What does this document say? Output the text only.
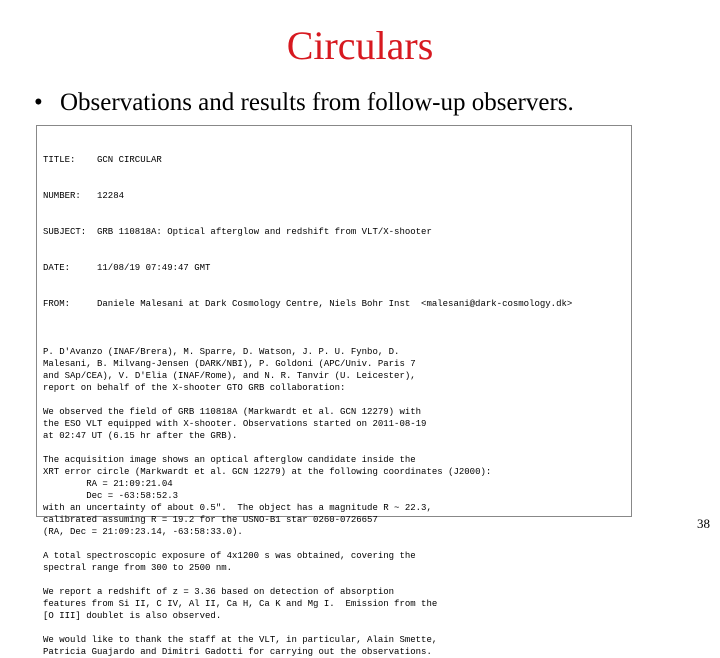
Circulars
• Observations and results from follow-up observers.

TITLE:	GCN CIRCULAR

NUMBER:	12284

SUBJECT:	GRB 110818A: Optical afterglow and redshift from VLT/X-shooter

DATE:	11/08/19 07:49:47 GMT

FROM:	Daniele Malesani at Dark Cosmology Centre, Niels Bohr Inst  <malesani@dark-cosmology.dk>

P. D'Avanzo (INAF/Brera), M. Sparre, D. Watson, J. P. U. Fynbo, D.
Malesani, B. Milvang-Jensen (DARK/NBI), P. Goldoni (APC/Univ. Paris 7
and SAp/CEA), V. D'Elia (INAF/Rome), and N. R. Tanvir (U. Leicester),
report on behalf of the X-shooter GTO GRB collaboration:
We observed the field of GRB 110818A (Markwardt et al. GCN 12279) with
the ESO VLT equipped with X-shooter. Observations started on 2011-08-19
at 02:47 UT (6.15 hr after the GRB).
The acquisition image shows an optical afterglow candidate inside the
XRT error circle (Markwardt et al. GCN 12279) at the following coordinates (J2000):
RA = 21:09:21.04
Dec = -63:58:52.3
with an uncertainty of about 0.5".  The object has a magnitude R ~ 22.3,
calibrated assuming R = 19.2 for the USNO-B1 star 0260-0726657
(RA, Dec = 21:09:23.14, -63:58:33.0).
A total spectroscopic exposure of 4x1200 s was obtained, covering the
spectral range from 300 to 2500 nm.
We report a redshift of z = 3.36 based on detection of absorption
features from Si II, C IV, Al II, Ca H, Ca K and Mg I.  Emission from the
[O III] doublet is also observed.
We would like to thank the staff at the VLT, in particular, Alain Smette,
Patricia Guajardo and Dimitri Gadotti for carrying out the observations.
38
